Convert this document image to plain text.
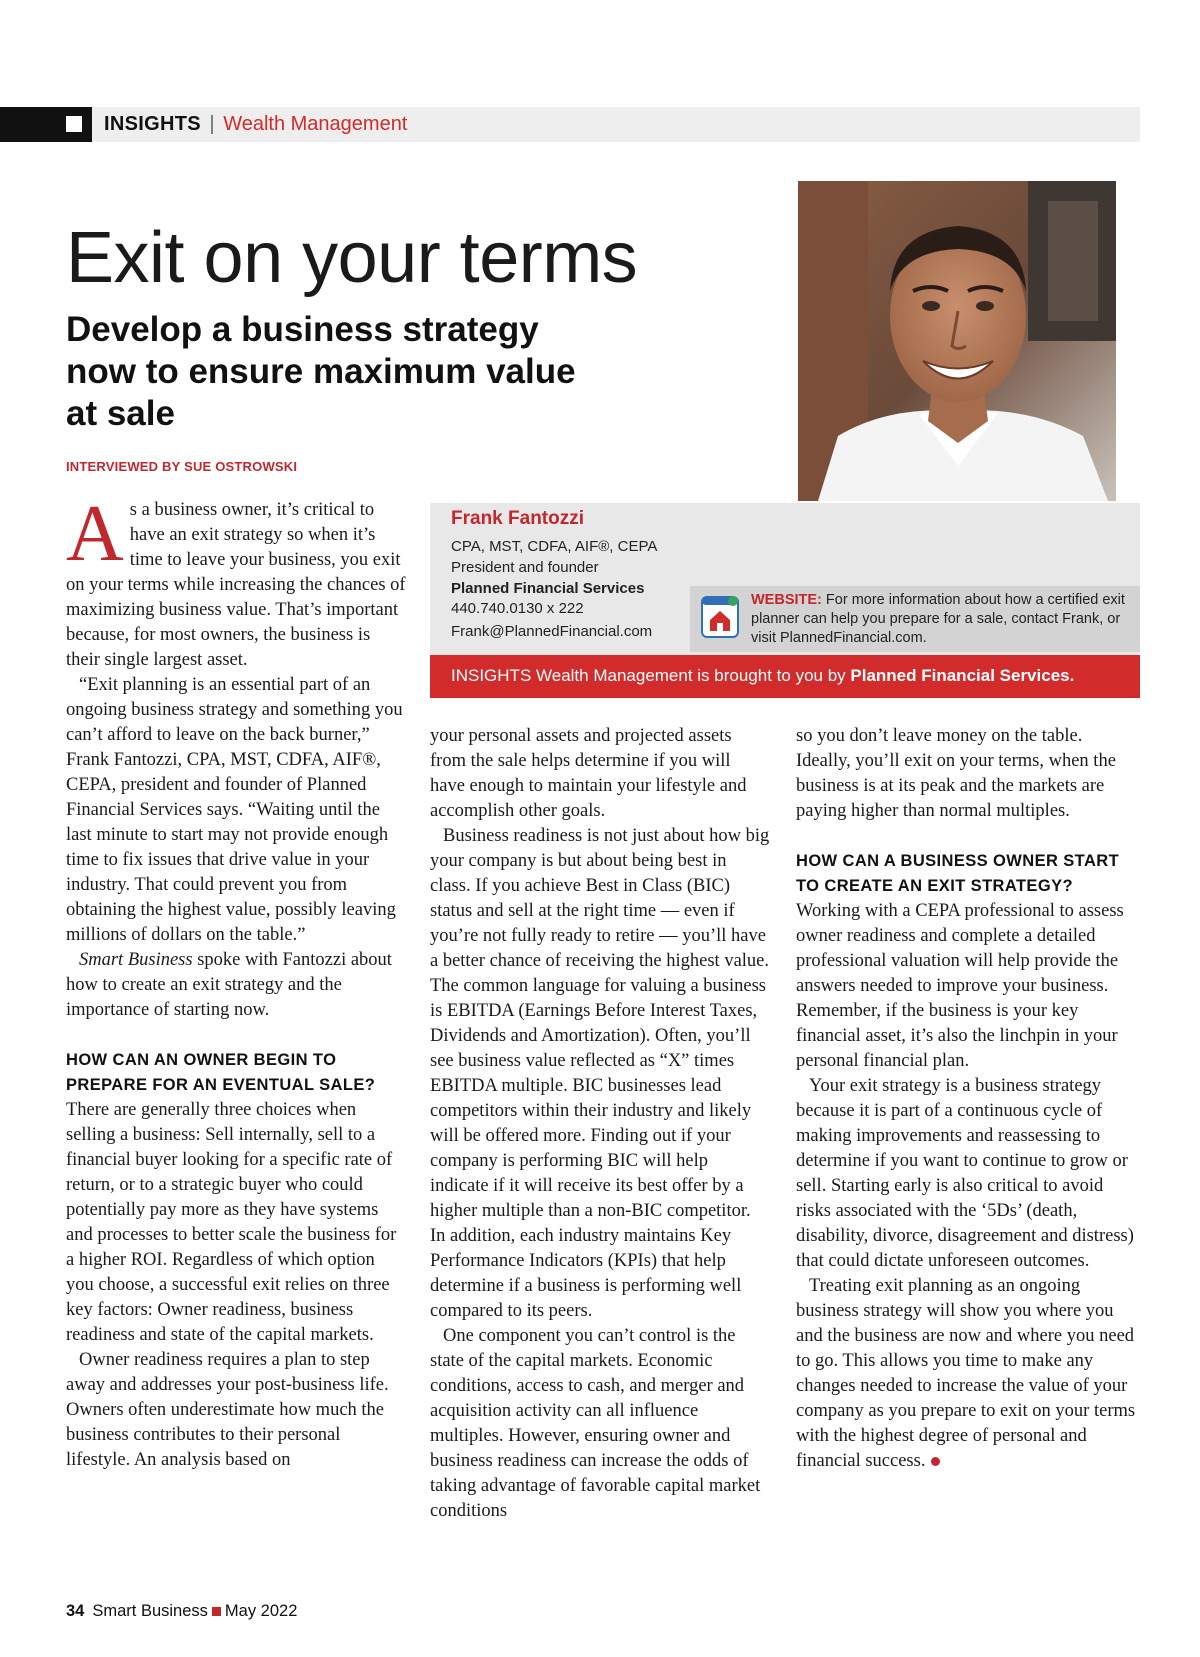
INSIGHTS | Wealth Management
Exit on your terms
Develop a business strategy now to ensure maximum value at sale
INTERVIEWED BY SUE OSTROWSKI
Frank Fantozzi
CPA, MST, CDFA, AIF®, CEPA
President and founder
Planned Financial Services
440.740.0130 x 222
Frank@PlannedFinancial.com
WEBSITE: For more information about how a certified exit planner can help you prepare for a sale, contact Frank, or visit PlannedFinancial.com.
INSIGHTS Wealth Management is brought to you by Planned Financial Services.

As a business owner, it’s critical to have an exit strategy so when it’s time to leave your business, you exit on your terms while increasing the chances of maximizing business value. That’s important because, for most owners, the business is their single largest asset.

“Exit planning is an essential part of an ongoing business strategy and something you can’t afford to leave on the back burner,” Frank Fantozzi, CPA, MST, CDFA, AIF®, CEPA, president and founder of Planned Financial Services says. “Waiting until the last minute to start may not provide enough time to fix issues that drive value in your industry. That could prevent you from obtaining the highest value, possibly leaving millions of dollars on the table.”

Smart Business spoke with Fantozzi about how to create an exit strategy and the importance of starting now.

HOW CAN AN OWNER BEGIN TO PREPARE FOR AN EVENTUAL SALE?

There are generally three choices when selling a business: Sell internally, sell to a financial buyer looking for a specific rate of return, or to a strategic buyer who could potentially pay more as they have systems and processes to better scale the business for a higher ROI. Regardless of which option you choose, a successful exit relies on three key factors: Owner readiness, business readiness and state of the capital markets.

Owner readiness requires a plan to step away and addresses your post-business life. Owners often underestimate how much the business contributes to their personal lifestyle. An analysis based on

your personal assets and projected assets from the sale helps determine if you will have enough to maintain your lifestyle and accomplish other goals.

Business readiness is not just about how big your company is but about being best in class. If you achieve Best in Class (BIC) status and sell at the right time — even if you’re not fully ready to retire — you’ll have a better chance of receiving the highest value. The common language for valuing a business is EBITDA (Earnings Before Interest Taxes, Dividends and Amortization). Often, you’ll see business value reflected as “X” times EBITDA multiple. BIC businesses lead competitors within their industry and likely will be offered more. Finding out if your company is performing BIC will help indicate if it will receive its best offer by a higher multiple than a non-BIC competitor. In addition, each industry maintains Key Performance Indicators (KPIs) that help determine if a business is performing well compared to its peers.

One component you can’t control is the state of the capital markets. Economic conditions, access to cash, and merger and acquisition activity can all influence multiples. However, ensuring owner and business readiness can increase the odds of taking advantage of favorable capital market conditions

so you don’t leave money on the table. Ideally, you’ll exit on your terms, when the business is at its peak and the markets are paying higher than normal multiples.

HOW CAN A BUSINESS OWNER START TO CREATE AN EXIT STRATEGY?

Working with a CEPA professional to assess owner readiness and complete a detailed professional valuation will help provide the answers needed to improve your business. Remember, if the business is your key financial asset, it’s also the linchpin in your personal financial plan.

Your exit strategy is a business strategy because it is part of a continuous cycle of making improvements and reassessing to determine if you want to continue to grow or sell. Starting early is also critical to avoid risks associated with the ‘5Ds’ (death, disability, divorce, disagreement and distress) that could dictate unforeseen outcomes.

Treating exit planning as an ongoing business strategy will show you where you and the business are now and where you need to go. This allows you time to make any changes needed to increase the value of your company as you prepare to exit on your terms with the highest degree of personal and financial success.

34 Smart Business May 2022
